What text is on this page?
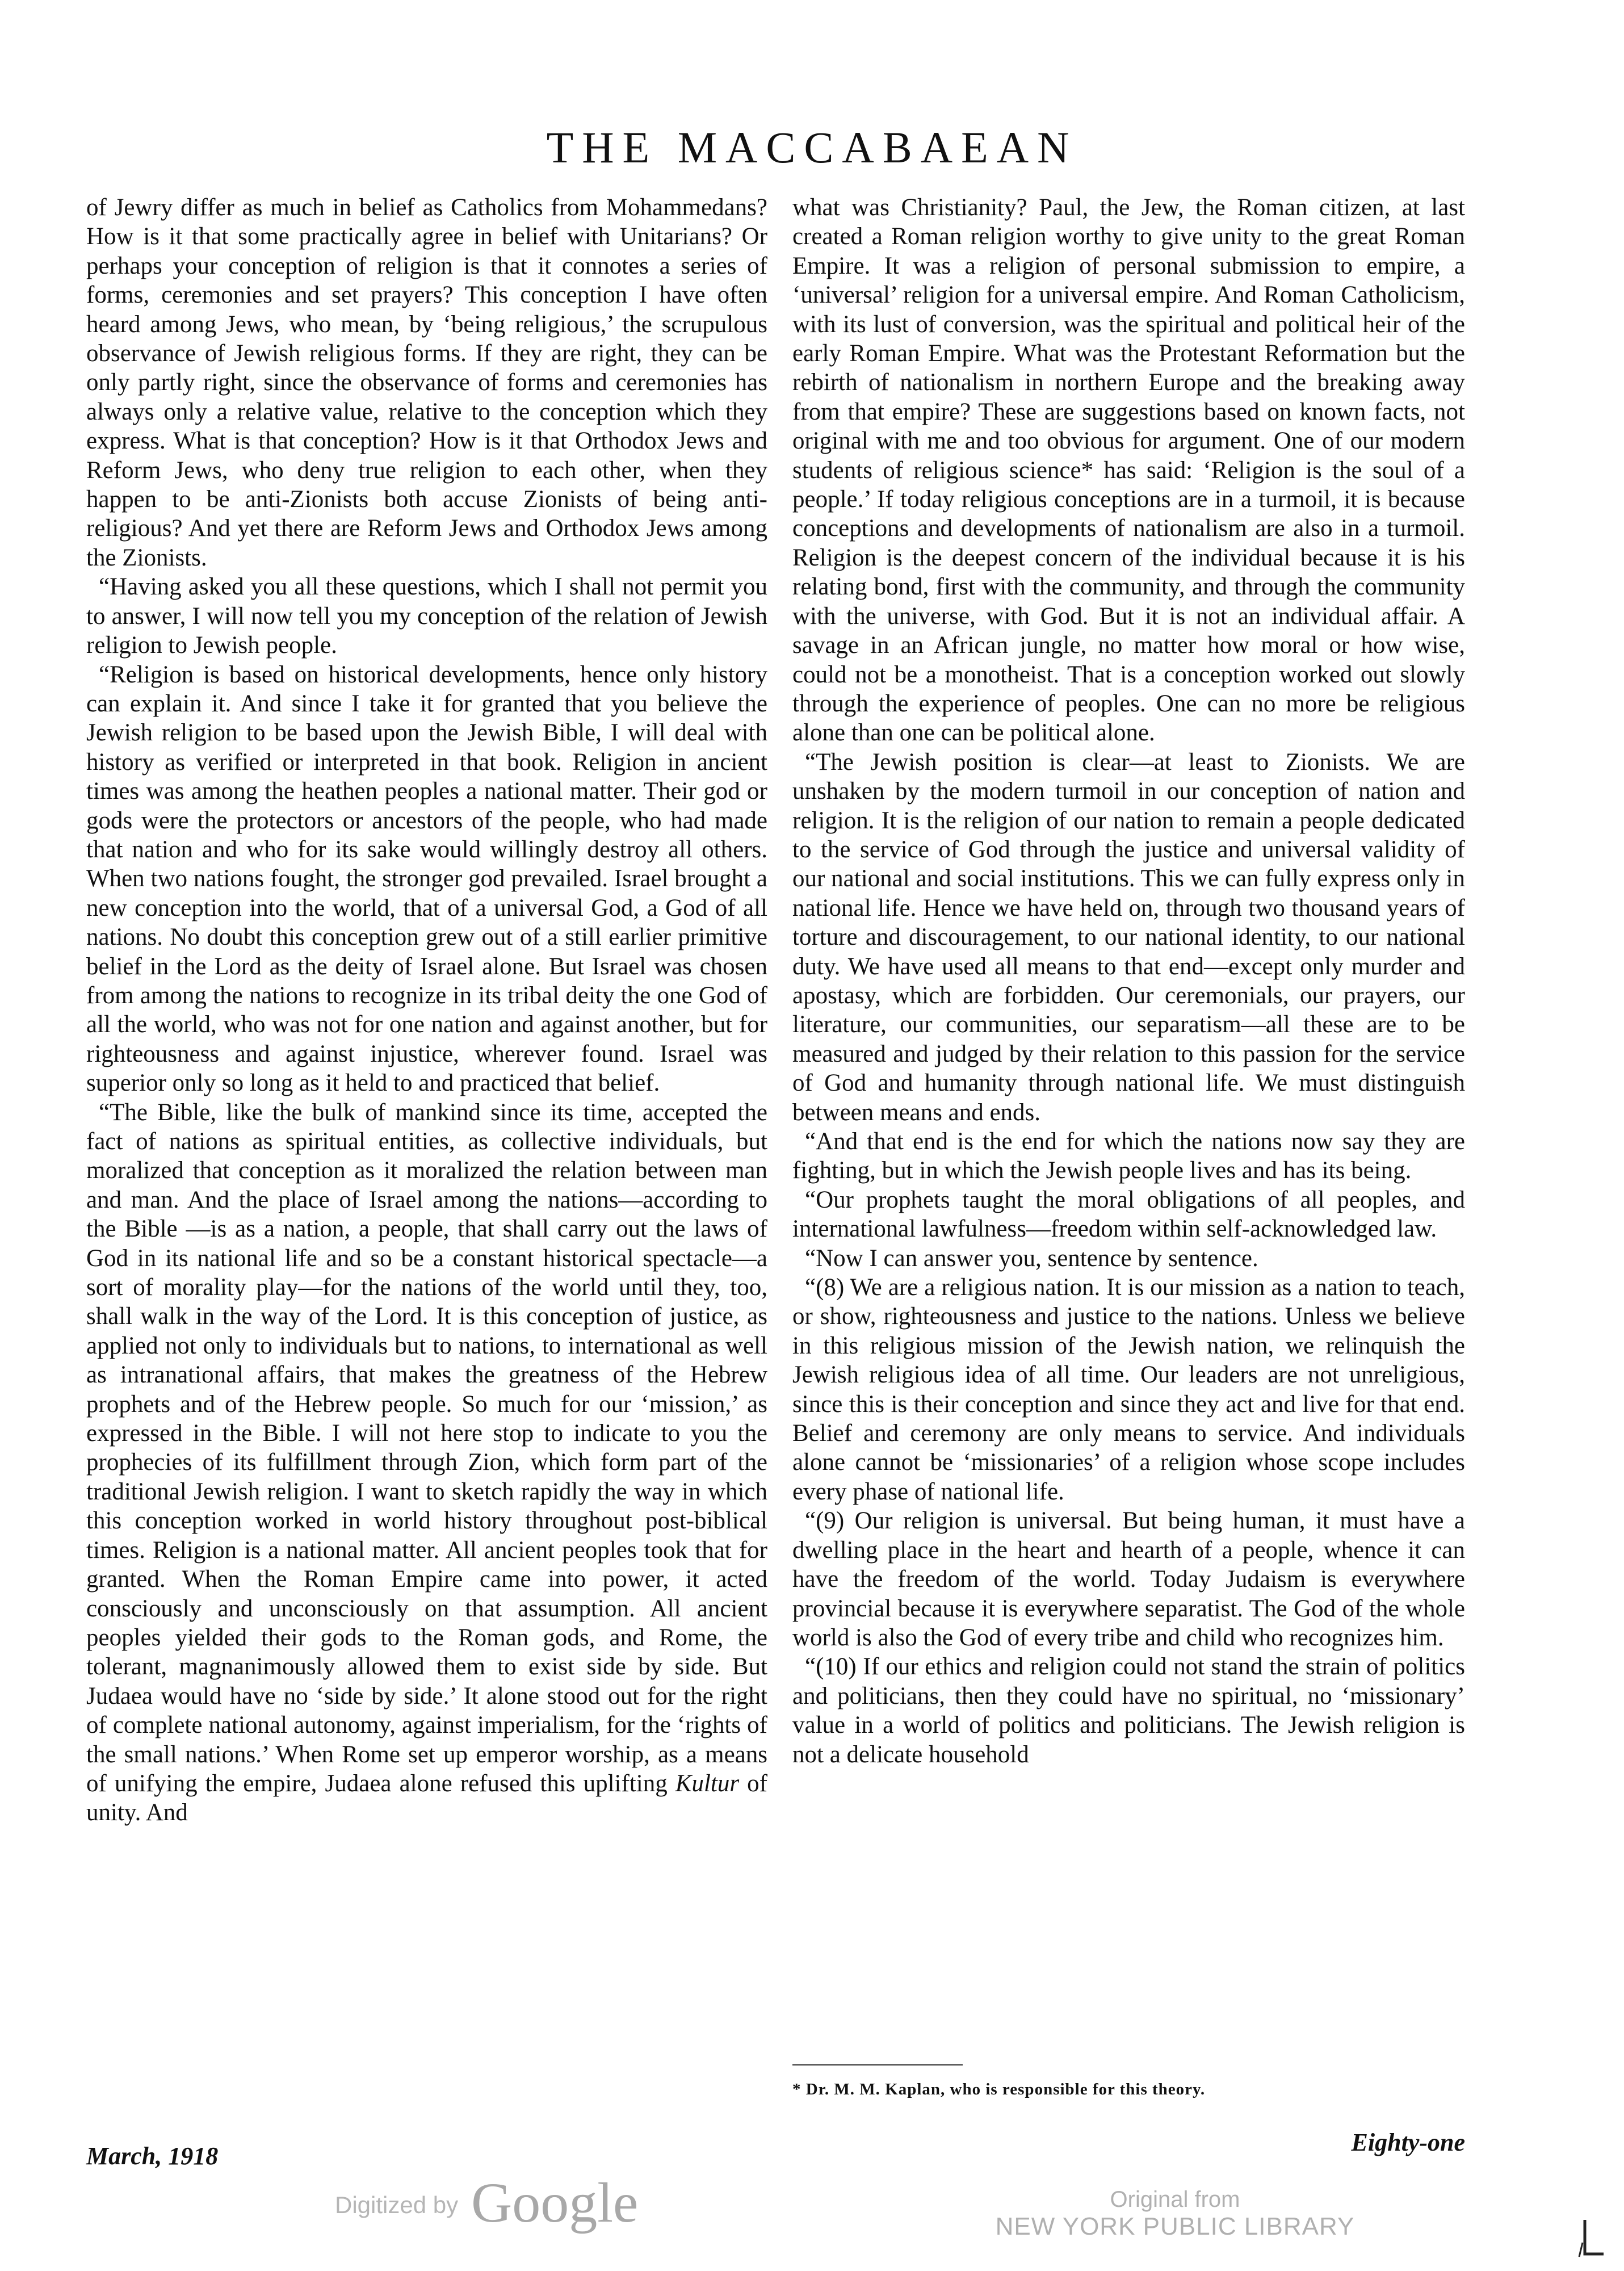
THE MACCABAEAN

of Jewry differ as much in belief as Catholics from Mohammedans? How is it that some practically agree in belief with Unitarians? Or perhaps your conception of religion is that it connotes a series of forms, ceremonies and set prayers? This conception I have often heard among Jews, who mean, by ‘being religious,’ the scrupulous observance of Jewish religious forms. If they are right, they can be only partly right, since the observance of forms and ceremonies has always only a relative value, relative to the conception which they express. What is that conception? How is it that Orthodox Jews and Reform Jews, who deny true religion to each other, when they happen to be anti-Zionists both accuse Zionists of being anti-religious? And yet there are Reform Jews and Orthodox Jews among the Zionists.

“Having asked you all these questions, which I shall not permit you to answer, I will now tell you my conception of the relation of Jewish religion to Jewish people.

“Religion is based on historical developments, hence only history can explain it. And since I take it for granted that you believe the Jewish religion to be based upon the Jewish Bible, I will deal with history as verified or interpreted in that book. Religion in ancient times was among the heathen peoples a national matter. Their god or gods were the protectors or ancestors of the people, who had made that nation and who for its sake would willingly destroy all others. When two nations fought, the stronger god prevailed. Israel brought a new conception into the world, that of a universal God, a God of all nations. No doubt this conception grew out of a still earlier primitive belief in the Lord as the deity of Israel alone. But Israel was chosen from among the nations to recognize in its tribal deity the one God of all the world, who was not for one nation and against another, but for righteousness and against injustice, wherever found. Israel was superior only so long as it held to and practiced that belief.

“The Bible, like the bulk of mankind since its time, accepted the fact of nations as spiritual entities, as collective individuals, but moralized that conception as it moralized the relation between man and man. And the place of Israel among the nations—according to the Bible —is as a nation, a people, that shall carry out the laws of God in its national life and so be a constant historical spectacle—a sort of morality play—for the nations of the world until they, too, shall walk in the way of the Lord. It is this conception of justice, as applied not only to individuals but to nations, to international as well as intranational affairs, that makes the greatness of the Hebrew prophets and of the Hebrew people. So much for our ‘mission,’ as expressed in the Bible. I will not here stop to indicate to you the prophecies of its fulfillment through Zion, which form part of the traditional Jewish religion. I want to sketch rapidly the way in which this conception worked in world history throughout post-biblical times. Religion is a national matter. All ancient peoples took that for granted. When the Roman Empire came into power, it acted consciously and unconsciously on that assumption. All ancient peoples yielded their gods to the Roman gods, and Rome, the tolerant, magnanimously allowed them to exist side by side. But Judaea would have no ‘side by side.’ It alone stood out for the right of complete national autonomy, against imperialism, for the ‘rights of the small nations.’ When Rome set up emperor worship, as a means of unifying the empire, Judaea alone refused this uplifting Kultur of unity. And

what was Christianity? Paul, the Jew, the Roman citizen, at last created a Roman religion worthy to give unity to the great Roman Empire. It was a religion of personal submission to empire, a ‘universal’ religion for a universal empire. And Roman Catholicism, with its lust of conversion, was the spiritual and political heir of the early Roman Empire. What was the Protestant Reformation but the rebirth of nationalism in northern Europe and the breaking away from that empire? These are suggestions based on known facts, not original with me and too obvious for argument. One of our modern students of religious science* has said: ‘Religion is the soul of a people.’ If today religious conceptions are in a turmoil, it is because conceptions and developments of nationalism are also in a turmoil. Religion is the deepest concern of the individual because it is his relating bond, first with the community, and through the community with the universe, with God. But it is not an individual affair. A savage in an African jungle, no matter how moral or how wise, could not be a monotheist. That is a conception worked out slowly through the experience of peoples. One can no more be religious alone than one can be political alone.

“The Jewish position is clear—at least to Zionists. We are unshaken by the modern turmoil in our conception of nation and religion. It is the religion of our nation to remain a people dedicated to the service of God through the justice and universal validity of our national and social institutions. This we can fully express only in national life. Hence we have held on, through two thousand years of torture and discouragement, to our national identity, to our national duty. We have used all means to that end—except only murder and apostasy, which are forbidden. Our ceremonials, our prayers, our literature, our communities, our separatism—all these are to be measured and judged by their relation to this passion for the service of God and humanity through national life. We must distinguish between means and ends.

“And that end is the end for which the nations now say they are fighting, but in which the Jewish people lives and has its being.

“Our prophets taught the moral obligations of all peoples, and international lawfulness—freedom within self-acknowledged law.

“Now I can answer you, sentence by sentence.

“(8) We are a religious nation. It is our mission as a nation to teach, or show, righteousness and justice to the nations. Unless we believe in this religious mission of the Jewish nation, we relinquish the Jewish religious idea of all time. Our leaders are not unreligious, since this is their conception and since they act and live for that end. Belief and ceremony are only means to service. And individuals alone cannot be ‘missionaries’ of a religion whose scope includes every phase of national life.

“(9) Our religion is universal. But being human, it must have a dwelling place in the heart and hearth of a people, whence it can have the freedom of the world. Today Judaism is everywhere provincial because it is everywhere separatist. The God of the whole world is also the God of every tribe and child who recognizes him.

“(10) If our ethics and religion could not stand the strain of politics and politicians, then they could have no spiritual, no ‘missionary’ value in a world of politics and politicians. The Jewish religion is not a delicate household

* Dr. M. M. Kaplan, who is responsible for this theory.
March, 1918	Eighty-one
Digitized by Google	Original from
NEW YORK PUBLIC LIBRARY
